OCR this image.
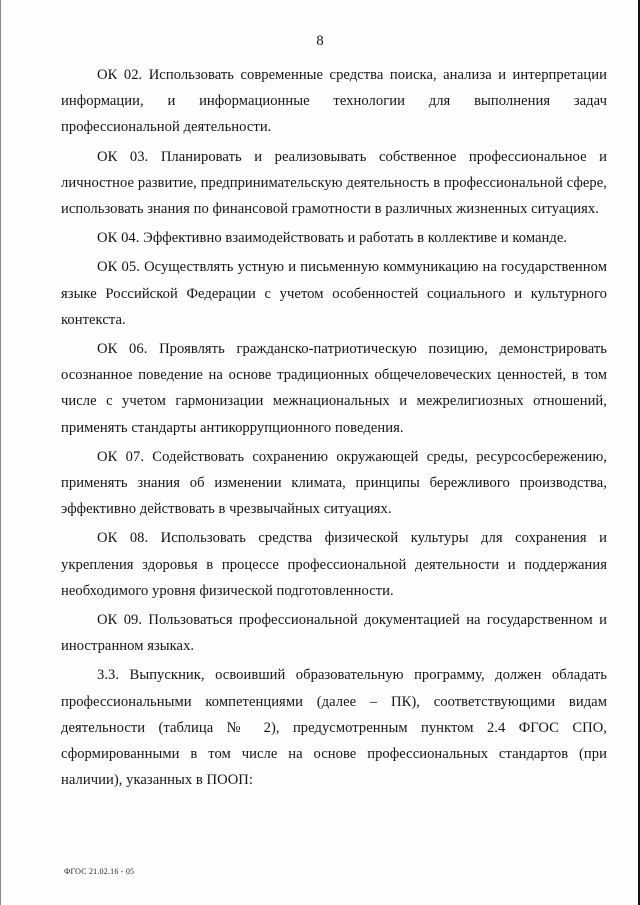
8

ОК 02. Использовать современные средства поиска, анализа и интерпретации информации, и информационные технологии для выполнения задач профессиональной деятельности.

ОК 03. Планировать и реализовывать собственное профессиональное и личностное развитие, предпринимательскую деятельность в профессиональной сфере, использовать знания по финансовой грамотности в различных жизненных ситуациях.

ОК 04. Эффективно взаимодействовать и работать в коллективе и команде.

ОК 05. Осуществлять устную и письменную коммуникацию на государственном языке Российской Федерации с учетом особенностей социального и культурного контекста.

ОК 06. Проявлять гражданско-патриотическую позицию, демонстрировать осознанное поведение на основе традиционных общечеловеческих ценностей, в том числе с учетом гармонизации межнациональных и межрелигиозных отношений, применять стандарты антикоррупционного поведения.

ОК 07. Содействовать сохранению окружающей среды, ресурсосбережению, применять знания об изменении климата, принципы бережливого производства, эффективно действовать в чрезвычайных ситуациях.

ОК 08. Использовать средства физической культуры для сохранения и укрепления здоровья в процессе профессиональной деятельности и поддержания необходимого уровня физической подготовленности.

ОК 09. Пользоваться профессиональной документацией на государственном и иностранном языках.

3.3. Выпускник, освоивший образовательную программу, должен обладать профессиональными компетенциями (далее – ПК), соответствующими видам деятельности (таблица № 2), предусмотренным пунктом 2.4 ФГОС СПО, сформированными в том числе на основе профессиональных стандартов (при наличии), указанных в ПООП:

ФГОС 21.02.16 - 05
